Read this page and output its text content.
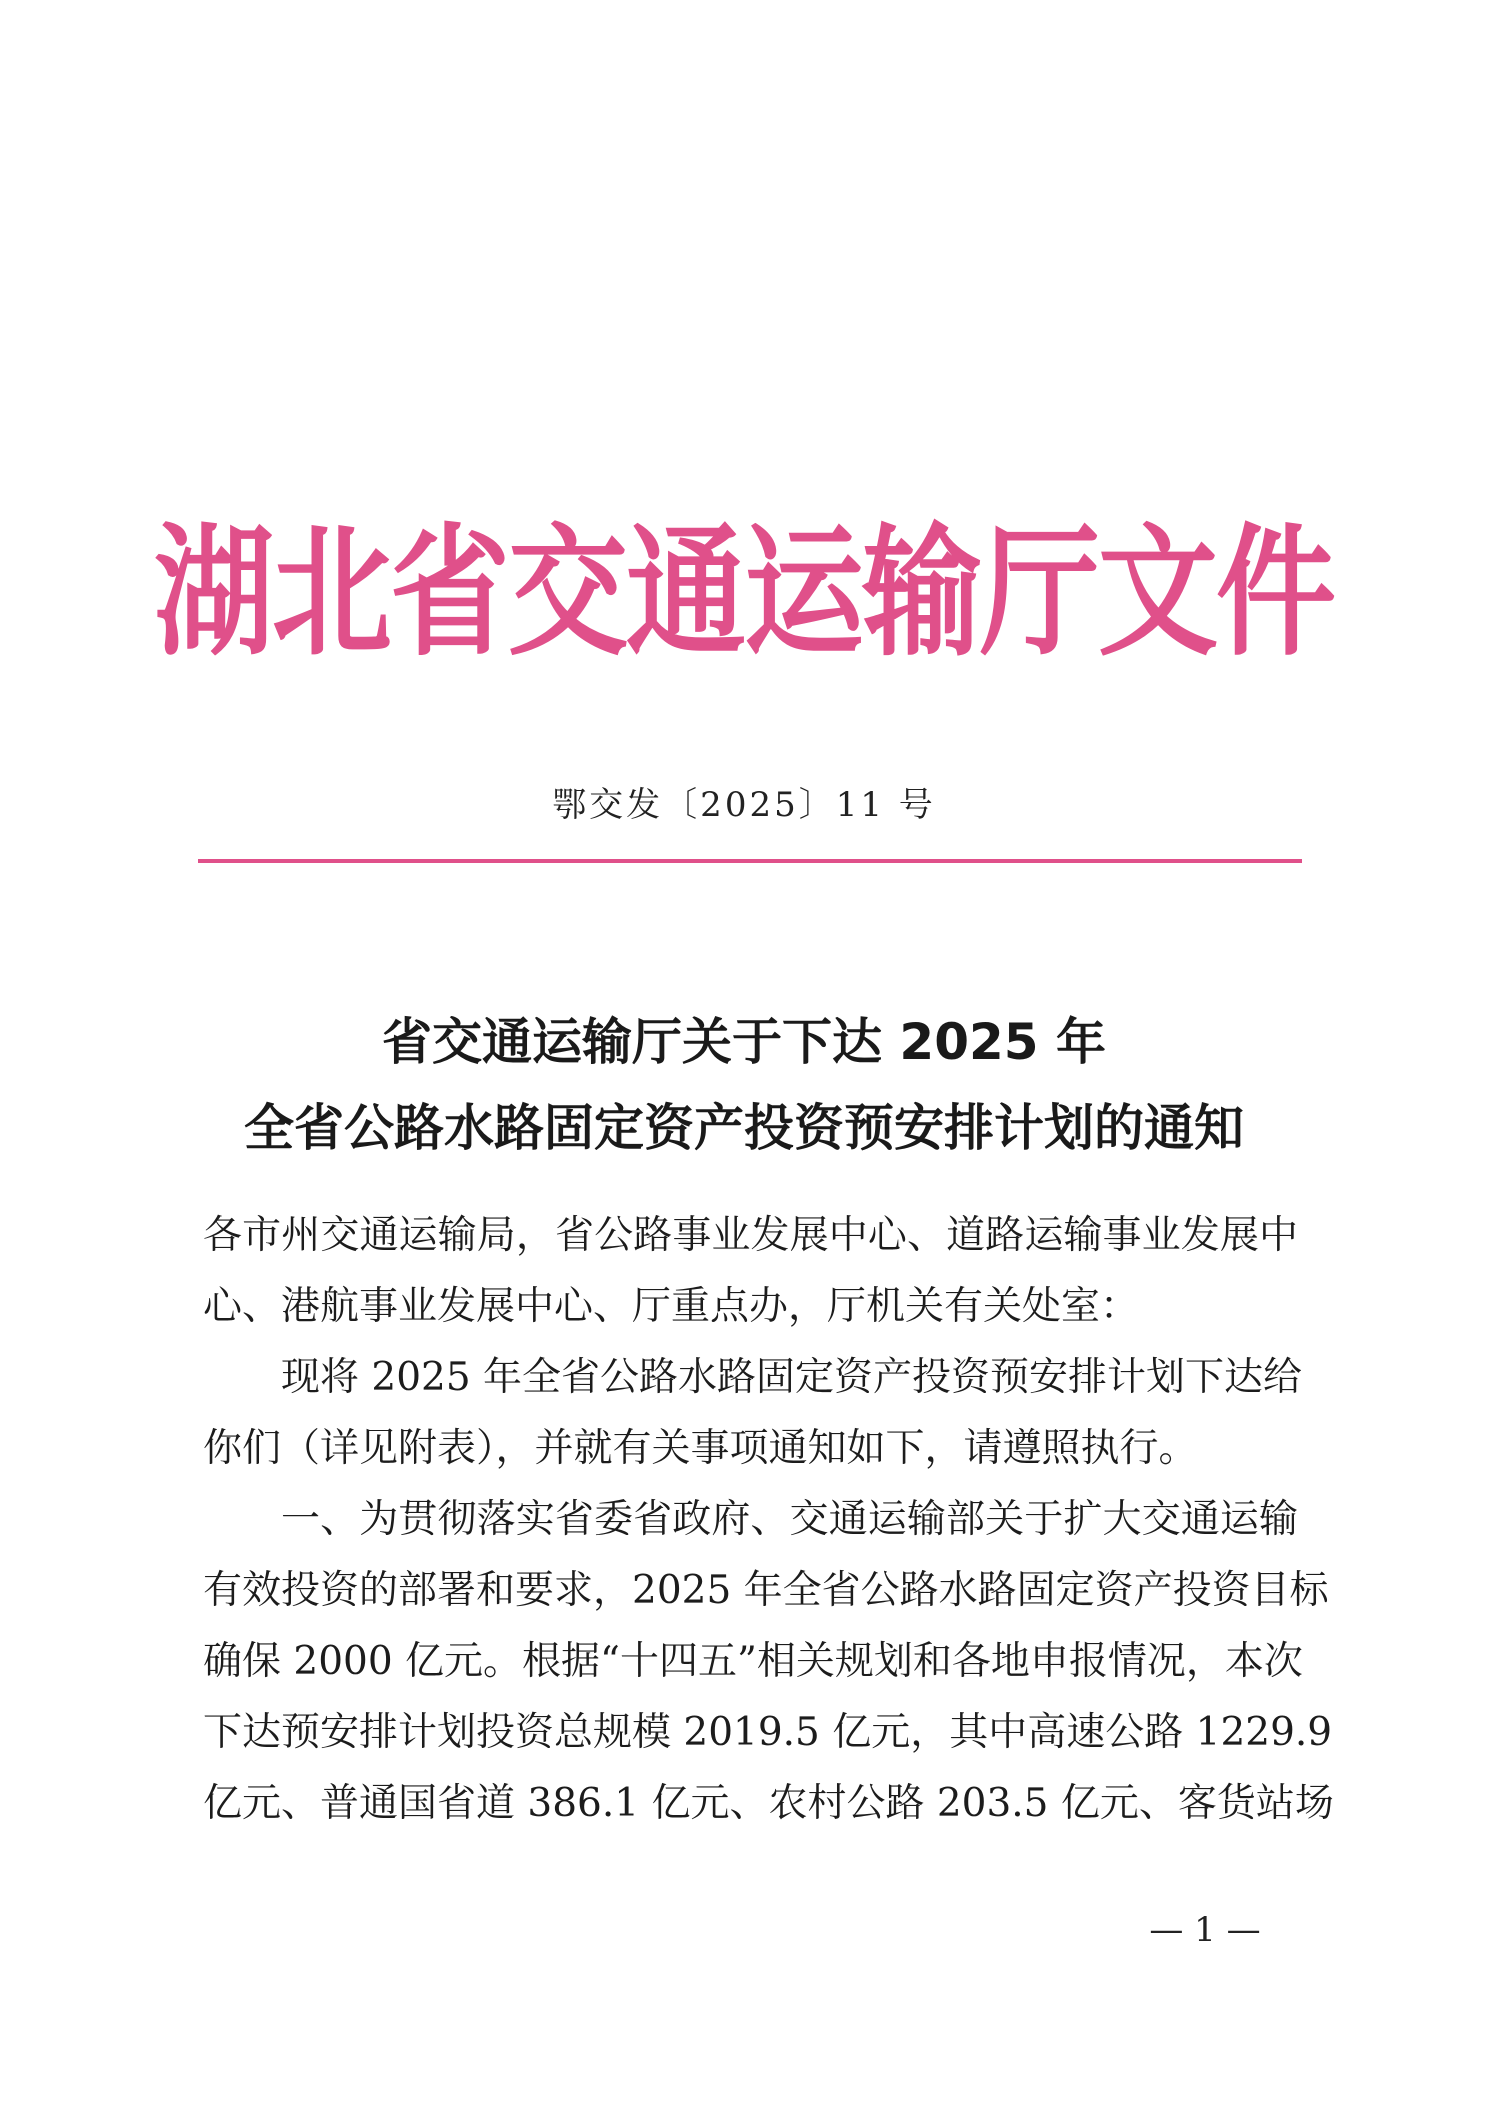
湖北省交通运输厅文件
鄂交发〔2025〕11 号
省交通运输厅关于下达 2025 年
全省公路水路固定资产投资预安排计划的通知
各市州交通运输局，省公路事业发展中心、道路运输事业发展中
心、港航事业发展中心、厅重点办，厅机关有关处室：
现将 2025 年全省公路水路固定资产投资预安排计划下达给
你们（详见附表），并就有关事项通知如下，请遵照执行。
一、为贯彻落实省委省政府、交通运输部关于扩大交通运输
有效投资的部署和要求，2025 年全省公路水路固定资产投资目标
确保 2000 亿元。根据“十四五”相关规划和各地申报情况，本次
下达预安排计划投资总规模 2019.5 亿元，其中高速公路 1229.9
亿元、普通国省道 386.1 亿元、农村公路 203.5 亿元、客货站场
— 1 —
